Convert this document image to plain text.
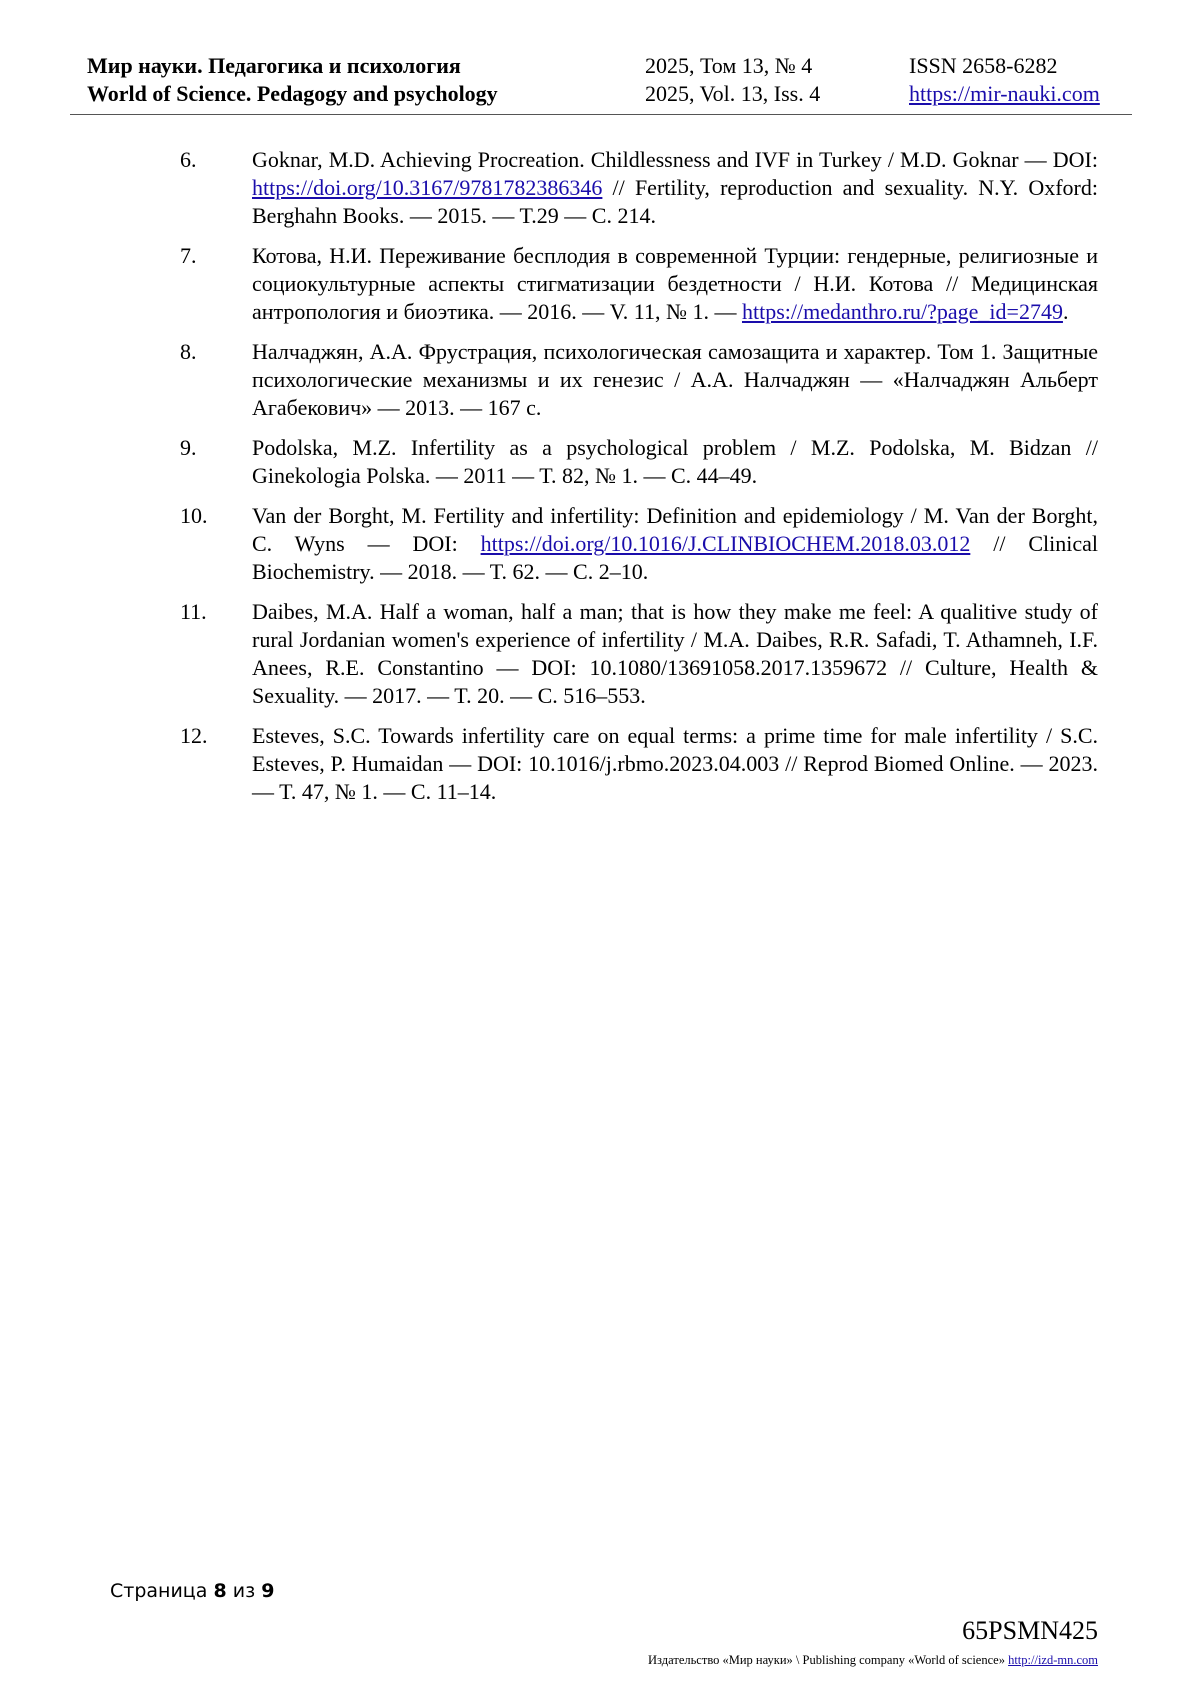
Мир науки. Педагогика и психология
World of Science. Pedagogy and psychology
2025, Том 13, № 4
2025, Vol. 13, Iss. 4
ISSN 2658-6282
https://mir-nauki.com
6.	Goknar, M.D. Achieving Procreation. Childlessness and IVF in Turkey / M.D. Goknar — DOI: https://doi.org/10.3167/9781782386346 // Fertility, reproduction and sexuality. N.Y. Oxford: Berghahn Books. — 2015. — T.29 — C. 214.
7.	Котова, Н.И. Переживание бесплодия в современной Турции: гендерные, религиозные и социокультурные аспекты стигматизации бездетности / Н.И. Котова // Медицинская антропология и биоэтика. — 2016. — V. 11, № 1. — https://medanthro.ru/?page_id=2749.
8.	Налчаджян, А.А. Фрустрация, психологическая самозащита и характер. Том 1. Защитные психологические механизмы и их генезис / А.А. Налчаджян — «Налчаджян Альберт Агабекович» — 2013. — 167 с.
9.	Podolska, M.Z. Infertility as a psychological problem / M.Z. Podolska, M. Bidzan // Ginekologia Polska. — 2011 — T. 82, № 1. — C. 44–49.
10.	Van der Borght, M. Fertility and infertility: Definition and epidemiology / M. Van der Borght, C. Wyns — DOI: https://doi.org/10.1016/J.CLINBIOCHEM.2018.03.012 // Clinical Biochemistry. — 2018. — T. 62. — C. 2–10.
11.	Daibes, M.A. Half a woman, half a man; that is how they make me feel: A qualitive study of rural Jordanian women's experience of infertility / M.A. Daibes, R.R. Safadi, T. Athamneh, I.F. Anees, R.E. Constantino — DOI: 10.1080/13691058.2017.1359672 // Culture, Health & Sexuality. — 2017. — T. 20. — C. 516–553.
12.	Esteves, S.C. Towards infertility care on equal terms: a prime time for male infertility / S.C. Esteves, P. Humaidan — DOI: 10.1016/j.rbmo.2023.04.003 // Reprod Biomed Online. — 2023. — T. 47, № 1. — C. 11–14.
Страница 8 из 9
65PSMN425
Издательство «Мир науки» \ Publishing company «World of science» http://izd-mn.com
